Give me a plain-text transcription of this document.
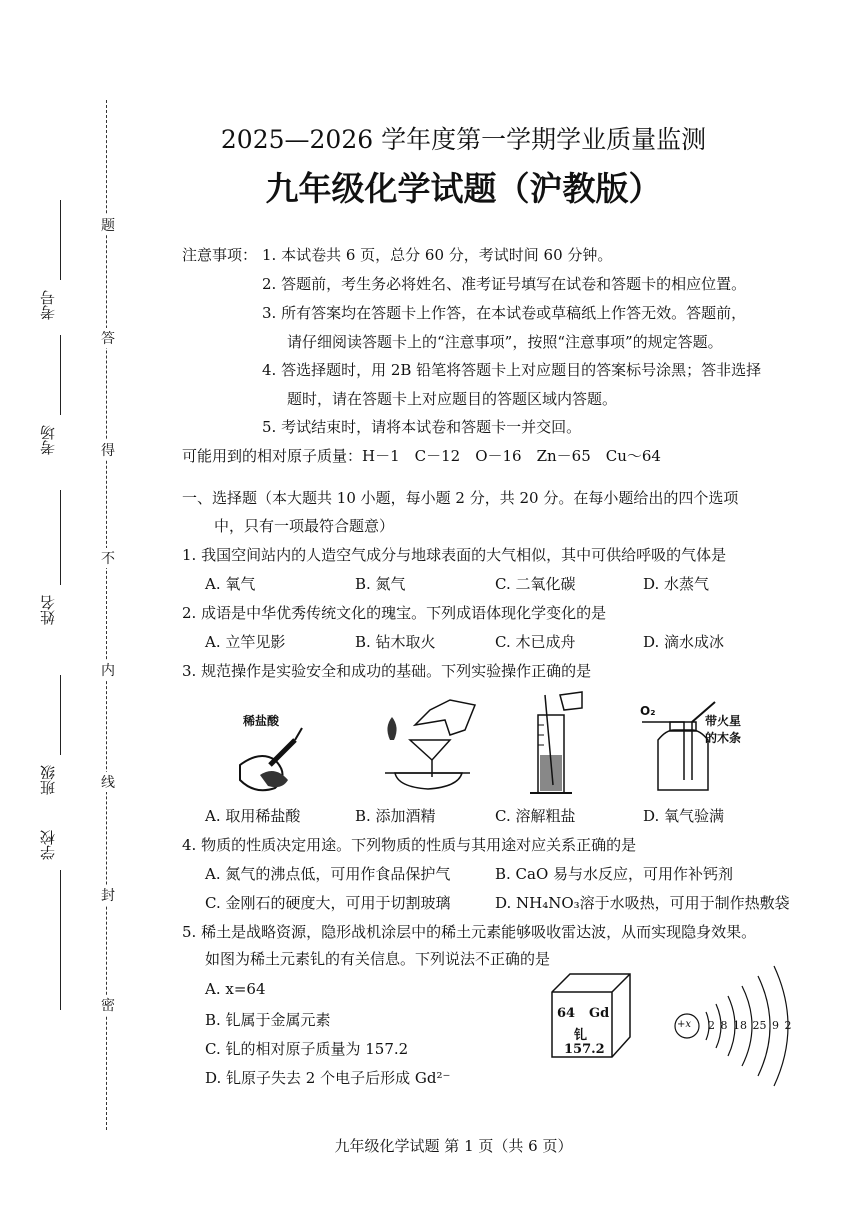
考号
考场
姓名
班级
学校
题
答
得
不
内
线
封
密
2025—2026 学年度第一学期学业质量监测
九年级化学试题（沪教版）
注意事项： 1. 本试卷共 6 页，总分 60 分，考试时间 60 分钟。
2. 答题前，考生务必将姓名、准考证号填写在试卷和答题卡的相应位置。
3. 所有答案均在答题卡上作答，在本试卷或草稿纸上作答无效。答题前，
请仔细阅读答题卡上的“注意事项”，按照“注意事项”的规定答题。
4. 答选择题时，用 2B 铅笔将答题卡上对应题目的答案标号涂黑；答非选择
题时，请在答题卡上对应题目的答题区域内答题。
5. 考试结束时，请将本试卷和答题卡一并交回。
可能用到的相对原子质量：H－1　C－12　O－16　Zn－65　Cu～64
一、选择题（本大题共 10 小题，每小题 2 分，共 20 分。在每小题给出的四个选项
中，只有一项最符合题意）
1. 我国空间站内的人造空气成分与地球表面的大气相似，其中可供给呼吸的气体是
A. 氧气	B. 氮气	C. 二氧化碳	D. 水蒸气
2. 成语是中华优秀传统文化的瑰宝。下列成语体现化学变化的是
A. 立竿见影	B. 钻木取火	C. 木已成舟	D. 滴水成冰
3. 规范操作是实验安全和成功的基础。下列实验操作正确的是
稀盐酸
O₂
带火星
的木条
A. 取用稀盐酸	B. 添加酒精	C. 溶解粗盐	D. 氧气验满
4. 物质的性质决定用途。下列物质的性质与其用途对应关系正确的是
A. 氮气的沸点低，可用作食品保护气	B. CaO 易与水反应，可用作补钙剂
C. 金刚石的硬度大，可用于切割玻璃	D. NH₄NO₃溶于水吸热，可用于制作热敷袋
5. 稀土是战略资源，隐形战机涂层中的稀土元素能够吸收雷达波，从而实现隐身效果。
如图为稀土元素钆的有关信息。下列说法不正确的是
A. x=64
B. 钆属于金属元素
C. 钆的相对原子质量为 157.2
D. 钆原子失去 2 个电子后形成 Gd²⁻
64 Gd
钆
157.2
+x 2 8 18 25 9 2
九年级化学试题 第 1 页（共 6 页）
